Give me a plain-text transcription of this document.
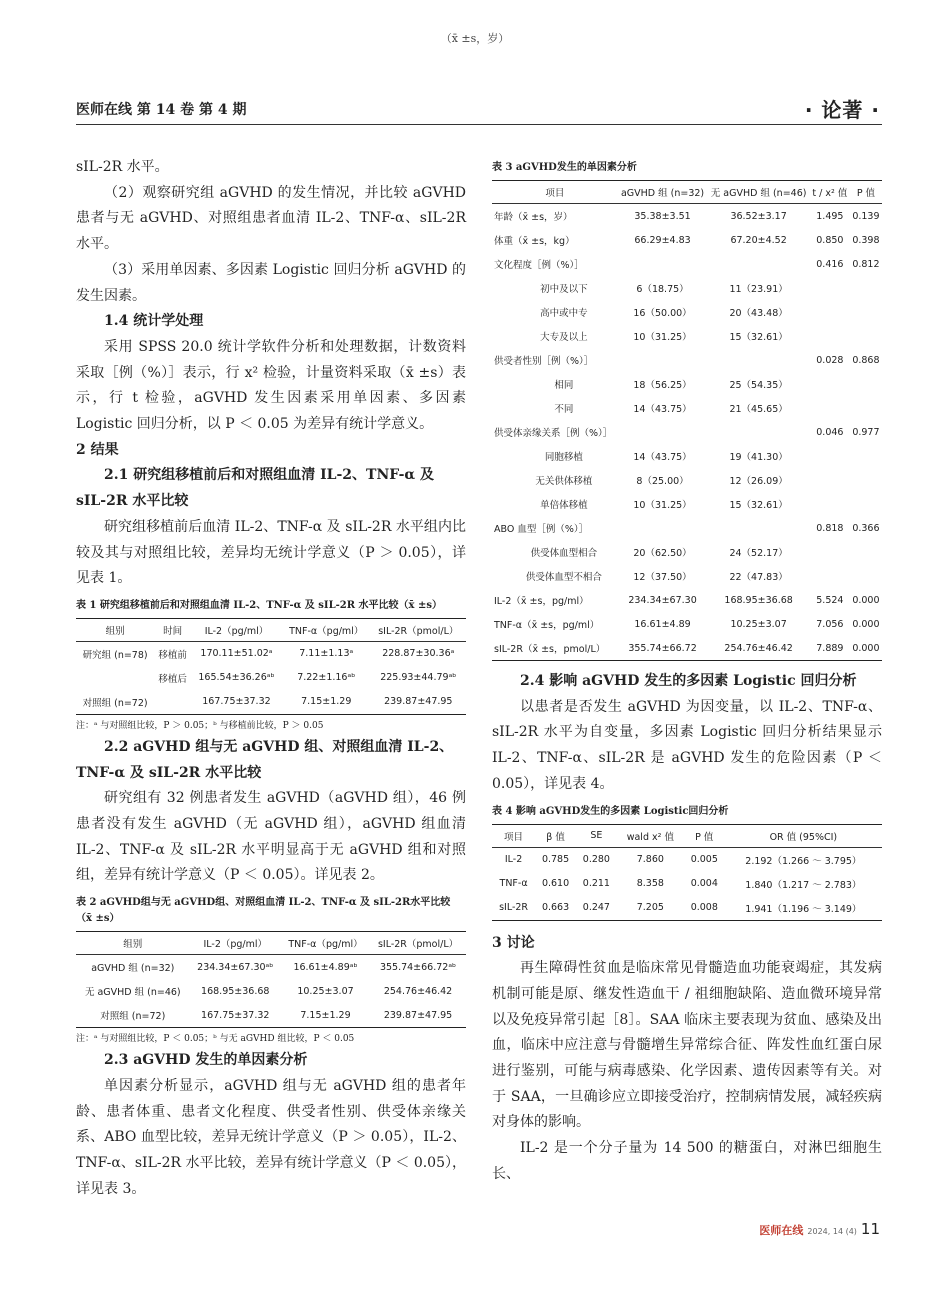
（x̄ ±s，岁）
医师在线 第 14 卷 第 4 期	· 论著 ·

sIL-2R 水平。

（2）观察研究组 aGVHD 的发生情况，并比较 aGVHD 患者与无 aGVHD、对照组患者血清 IL-2、TNF-α、sIL-2R 水平。

（3）采用单因素、多因素 Logistic 回归分析 aGVHD 的发生因素。

1.4 统计学处理

采用 SPSS 20.0 统计学软件分析和处理数据，计数资料采取［例（%）］表示，行 x² 检验，计量资料采取（x̄ ±s）表示，行 t 检验，aGVHD 发生因素采用单因素、多因素 Logistic 回归分析，以 P ＜ 0.05 为差异有统计学意义。

2 结果
2.1 研究组移植前后和对照组血清 IL-2、TNF-α 及 sIL-2R 水平比较

研究组移植前后血清 IL-2、TNF-α 及 sIL-2R 水平组内比较及其与对照组比较，差异均无统计学意义（P ＞ 0.05），详见表 1。

表 1 研究组移植前后和对照组血清 IL-2、TNF-α 及 sIL-2R 水平比较（x̄ ±s）
组别	时间	IL-2（pg/ml）	TNF-α（pg/ml）	sIL-2R（pmol/L）
研究组 (n=78)	移植前	170.11±51.02ᵃ	7.11±1.13ᵃ	228.87±30.36ᵃ
	移植后	165.54±36.26ᵃᵇ	7.22±1.16ᵃᵇ	225.93±44.79ᵃᵇ
对照组 (n=72)		167.75±37.32	7.15±1.29	239.87±47.95
注：ᵃ 与对照组比较，P ＞ 0.05；ᵇ 与移植前比较，P ＞ 0.05
2.2 aGVHD 组与无 aGVHD 组、对照组血清 IL-2、TNF-α 及 sIL-2R 水平比较

研究组有 32 例患者发生 aGVHD（aGVHD 组），46 例患者没有发生 aGVHD（无 aGVHD 组），aGVHD 组血清 IL-2、TNF-α 及 sIL-2R 水平明显高于无 aGVHD 组和对照组，差异有统计学意义（P ＜ 0.05）。详见表 2。

表 2 aGVHD组与无 aGVHD组、对照组血清 IL-2、TNF-α 及 sIL-2R水平比较（x̄ ±s）
组别	IL-2（pg/ml）	TNF-α（pg/ml）	sIL-2R（pmol/L）
aGVHD 组 (n=32)	234.34±67.30ᵃᵇ	16.61±4.89ᵃᵇ	355.74±66.72ᵃᵇ
无 aGVHD 组 (n=46)	168.95±36.68	10.25±3.07	254.76±46.42
对照组 (n=72)	167.75±37.32	7.15±1.29	239.87±47.95
注：ᵃ 与对照组比较，P ＜ 0.05；ᵇ 与无 aGVHD 组比较，P ＜ 0.05
2.3 aGVHD 发生的单因素分析

单因素分析显示，aGVHD 组与无 aGVHD 组的患者年龄、患者体重、患者文化程度、供受者性别、供受体亲缘关系、ABO 血型比较，差异无统计学意义（P ＞ 0.05），IL-2、TNF-α、sIL-2R 水平比较，差异有统计学意义（P ＜ 0.05），详见表 3。

表 3 aGVHD发生的单因素分析
项目	aGVHD 组 (n=32)	无 aGVHD 组 (n=46)	t / x² 值	P 值
年龄（x̄ ±s，岁）	35.38±3.51	36.52±3.17	1.495	0.139
体重（x̄ ±s，kg）	66.29±4.83	67.20±4.52	0.850	0.398
文化程度［例（%）］			0.416	0.812
初中及以下	6（18.75）	11（23.91）		
高中或中专	16（50.00）	20（43.48）		
大专及以上	10（31.25）	15（32.61）		
供受者性别［例（%）］			0.028	0.868
相同	18（56.25）	25（54.35）		
不同	14（43.75）	21（45.65）		
供受体亲缘关系［例（%）］			0.046	0.977
同胞移植	14（43.75）	19（41.30）		
无关供体移植	8（25.00）	12（26.09）		
单倍体移植	10（31.25）	15（32.61）		
ABO 血型［例（%）］			0.818	0.366
供受体血型相合	20（62.50）	24（52.17）		
供受体血型不相合	12（37.50）	22（47.83）		
IL-2（x̄ ±s，pg/ml）	234.34±67.30	168.95±36.68	5.524	0.000
TNF-α（x̄ ±s，pg/ml）	16.61±4.89	10.25±3.07	7.056	0.000
sIL-2R（x̄ ±s，pmol/L）	355.74±66.72	254.76±46.42	7.889	0.000
2.4 影响 aGVHD 发生的多因素 Logistic 回归分析

以患者是否发生 aGVHD 为因变量，以 IL-2、TNF-α、sIL-2R 水平为自变量，多因素 Logistic 回归分析结果显示 IL-2、TNF-α、sIL-2R 是 aGVHD 发生的危险因素（P ＜ 0.05），详见表 4。

表 4 影响 aGVHD发生的多因素 Logistic回归分析
项目	β 值	SE	wald x² 值	P 值	OR 值 (95%CI)
IL-2	0.785	0.280	7.860	0.005	2.192（1.266 ～ 3.795）
TNF-α	0.610	0.211	8.358	0.004	1.840（1.217 ～ 2.783）
sIL-2R	0.663	0.247	7.205	0.008	1.941（1.196 ～ 3.149）
3 讨论

再生障碍性贫血是临床常见骨髓造血功能衰竭症，其发病机制可能是原、继发性造血干 / 祖细胞缺陷、造血微环境异常以及免疫异常引起［8］。SAA 临床主要表现为贫血、感染及出血，临床中应注意与骨髓增生异常综合征、阵发性血红蛋白尿进行鉴别，可能与病毒感染、化学因素、遗传因素等有关。对于 SAA，一旦确诊应立即接受治疗，控制病情发展，减轻疾病对身体的影响。

IL-2 是一个分子量为 14 500 的糖蛋白，对淋巴细胞生长、

医师在线 2024, 14 (4) 11
